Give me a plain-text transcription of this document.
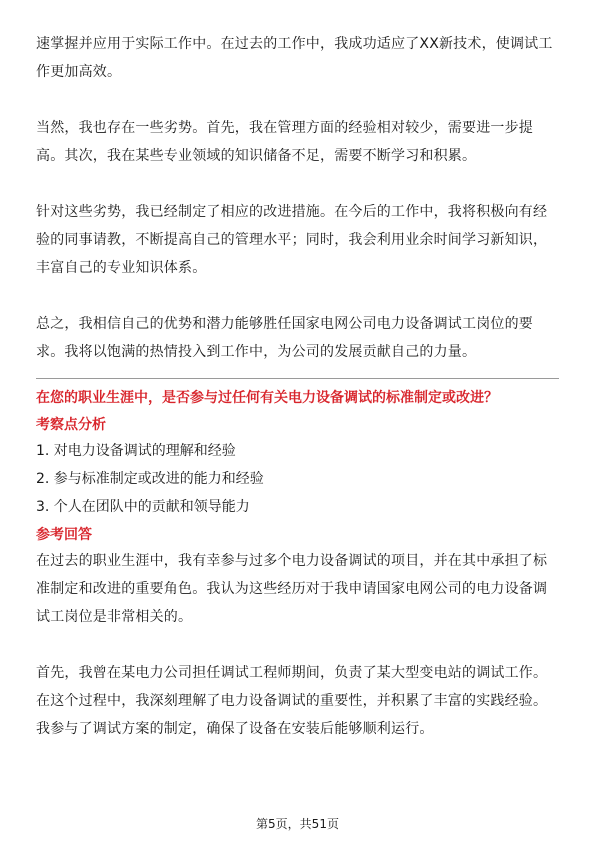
速掌握并应用于实际工作中。在过去的工作中，我成功适应了XX新技术，使调试工作更加高效。

当然，我也存在一些劣势。首先，我在管理方面的经验相对较少，需要进一步提高。其次，我在某些专业领域的知识储备不足，需要不断学习和积累。

针对这些劣势，我已经制定了相应的改进措施。在今后的工作中，我将积极向有经验的同事请教，不断提高自己的管理水平；同时，我会利用业余时间学习新知识，丰富自己的专业知识体系。

总之，我相信自己的优势和潜力能够胜任国家电网公司电力设备调试工岗位的要求。我将以饱满的热情投入到工作中，为公司的发展贡献自己的力量。

在您的职业生涯中，是否参与过任何有关电力设备调试的标准制定或改进？

考察点分析

1. 对电力设备调试的理解和经验
2. 参与标准制定或改进的能力和经验
3. 个人在团队中的贡献和领导能力

参考回答

在过去的职业生涯中，我有幸参与过多个电力设备调试的项目，并在其中承担了标准制定和改进的重要角色。我认为这些经历对于我申请国家电网公司的电力设备调试工岗位是非常相关的。

首先，我曾在某电力公司担任调试工程师期间，负责了某大型变电站的调试工作。在这个过程中，我深刻理解了电力设备调试的重要性，并积累了丰富的实践经验。我参与了调试方案的制定，确保了设备在安装后能够顺利运行。

第5页，共51页
